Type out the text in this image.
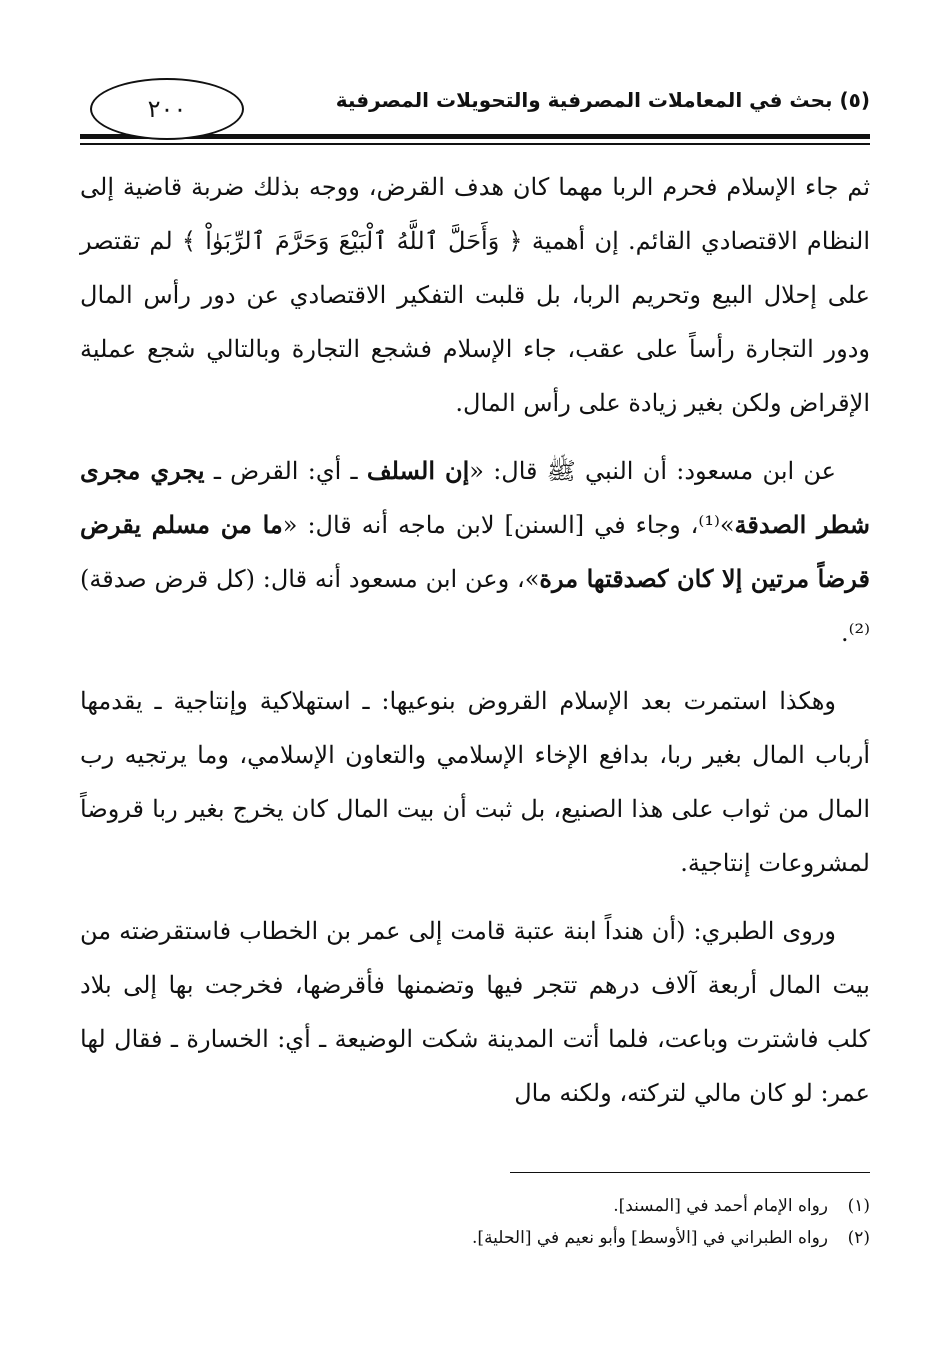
٢٠٠	(٥) بحث في المعاملات المصرفية والتحويلات المصرفية

ثم جاء الإسلام فحرم الربا مهما كان هدف القرض، ووجه بذلك ضربة قاضية إلى النظام الاقتصادي القائم. إن أهمية ﴿ وَأَحَلَّ ٱللَّهُ ٱلْبَيْعَ وَحَرَّمَ ٱلرِّبَوٰاْ ﴾ لم تقتصر على إحلال البيع وتحريم الربا، بل قلبت التفكير الاقتصادي عن دور رأس المال ودور التجارة رأساً على عقب، جاء الإسلام فشجع التجارة وبالتالي شجع عملية الإقراض ولكن بغير زيادة على رأس المال.

عن ابن مسعود: أن النبي ﷺ قال: «إن السلف ـ أي: القرض ـ يجري مجرى شطر الصدقة»⁽¹⁾، وجاء في [السنن] لابن ماجه أنه قال: «ما من مسلم يقرض قرضاً مرتين إلا كان كصدقتها مرة»، وعن ابن مسعود أنه قال: (كل قرض صدقة)⁽²⁾.

وهكذا استمرت بعد الإسلام القروض بنوعيها: ـ استهلاكية وإنتاجية ـ يقدمها أرباب المال بغير ربا، بدافع الإخاء الإسلامي والتعاون الإسلامي، وما يرتجيه رب المال من ثواب على هذا الصنيع، بل ثبت أن بيت المال كان يخرج بغير ربا قروضاً لمشروعات إنتاجية.

وروى الطبري: (أن هنداً ابنة عتبة قامت إلى عمر بن الخطاب فاستقرضته من بيت المال أربعة آلاف درهم تتجر فيها وتضمنها فأقرضها، فخرجت بها إلى بلاد كلب فاشترت وباعت، فلما أتت المدينة شكت الوضيعة ـ أي: الخسارة ـ فقال لها عمر: لو كان مالي لتركته، ولكنه مال

(١)
رواه الإمام أحمد في [المسند].
(٢)
رواه الطبراني في [الأوسط] وأبو نعيم في [الحلية].
